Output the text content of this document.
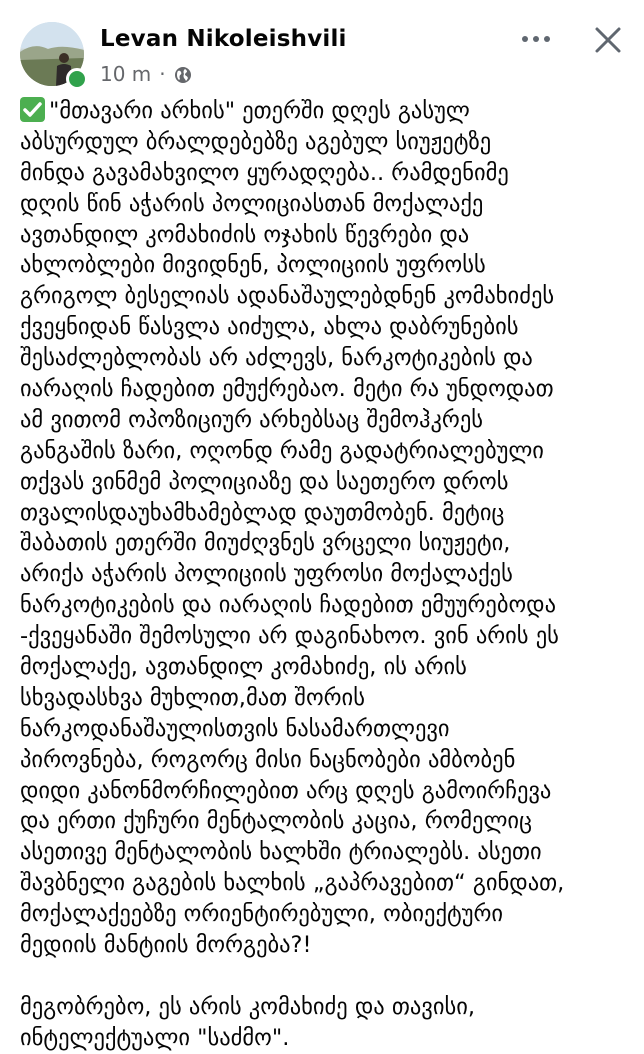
Levan Nikoleishvili
10 m ·
"მთავარი არხის" ეთერში დღეს გასულ
აბსურდულ ბრალდებებზე აგებულ სიუჟეტზე
მინდა გავამახვილო ყურადღება.. რამდენიმე
დღის წინ აჭარის პოლიციასთან მოქალაქე
ავთანდილ კომახიძის ოჯახის წევრები და
ახლობლები მივიდნენ, პოლიციის უფროსს
გრიგოლ ბესელიას ადანაშაულებდნენ კომახიძეს
ქვეყნიდან წასვლა აიძულა, ახლა დაბრუნების
შესაძლებლობას არ აძლევს, ნარკოტიკების და
იარაღის ჩადებით ემუქრებაო. მეტი რა უნდოდათ
ამ ვითომ ოპოზიციურ არხებსაც შემოჰკრეს
განგაშის ზარი, ოღონდ რამე გადატრიალებული
თქვას ვინმემ პოლიციაზე და საეთერო დროს
თვალისდაუხამხამებლად დაუთმობენ. მეტიც
შაბათის ეთერში მიუძღვნეს ვრცელი სიუჟეტი,
არიქა აჭარის პოლიციის უფროსი მოქალაქეს
ნარკოტიკების და იარაღის ჩადებით ემუურებოდა
-ქვეყანაში შემოსული არ დაგინახოო. ვინ არის ეს
მოქალაქე, ავთანდილ კომახიძე, ის არის
სხვადასხვა მუხლით,მათ შორის
ნარკოდანაშაულისთვის ნასამართლევი
პიროვნება, როგორც მისი ნაცნობები ამბობენ
დიდი კანონმორჩილებით არც დღეს გამოირჩევა
და ერთი ქუჩური მენტალობის კაცია, რომელიც
ასეთივე მენტალობის ხალხში ტრიალებს. ასეთი
შავბნელი გაგების ხალხის „გაპრავებით“ გინდათ,
მოქალაქეებზე ორიენტირებული, ობიექტური
მედიის მანტიის მორგება?!
მეგობრებო, ეს არის კომახიძე და თავისი,
ინტელექტუალი "საძმო".
